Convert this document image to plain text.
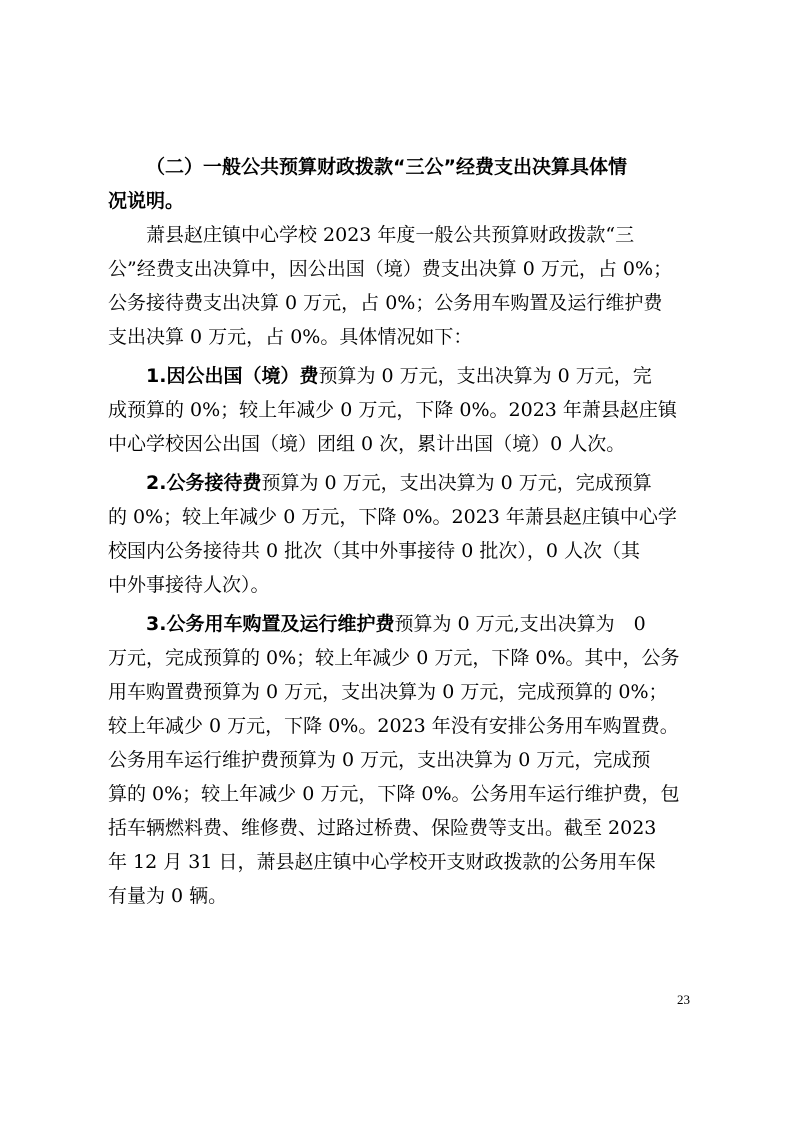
（二）一般公共预算财政拨款“三公”经费支出决算具体情
况说明。
萧县赵庄镇中心学校 2023 年度一般公共预算财政拨款“三
公”经费支出决算中，因公出国（境）费支出决算 0 万元，占 0%；
公务接待费支出决算 0 万元，占 0%；公务用车购置及运行维护费
支出决算 0 万元，占 0%。具体情况如下：
1.因公出国（境）费预算为 0 万元，支出决算为 0 万元，完
成预算的 0%；较上年减少 0 万元，下降 0%。2023 年萧县赵庄镇
中心学校因公出国（境）团组 0 次，累计出国（境）0 人次。
2.公务接待费预算为 0 万元，支出决算为 0 万元，完成预算
的 0%；较上年减少 0 万元，下降 0%。2023 年萧县赵庄镇中心学
校国内公务接待共 0 批次（其中外事接待 0 批次），0 人次（其
中外事接待人次）。
3.公务用车购置及运行维护费预算为 0 万元,支出决算为　0
万元，完成预算的 0%；较上年减少 0 万元，下降 0%。其中，公务
用车购置费预算为 0 万元，支出决算为 0 万元，完成预算的 0%；
较上年减少 0 万元，下降 0%。2023 年没有安排公务用车购置费。
公务用车运行维护费预算为 0 万元，支出决算为 0 万元，完成预
算的 0%；较上年减少 0 万元，下降 0%。公务用车运行维护费，包
括车辆燃料费、维修费、过路过桥费、保险费等支出。截至 2023
年 12 月 31 日，萧县赵庄镇中心学校开支财政拨款的公务用车保
有量为 0 辆。
23
